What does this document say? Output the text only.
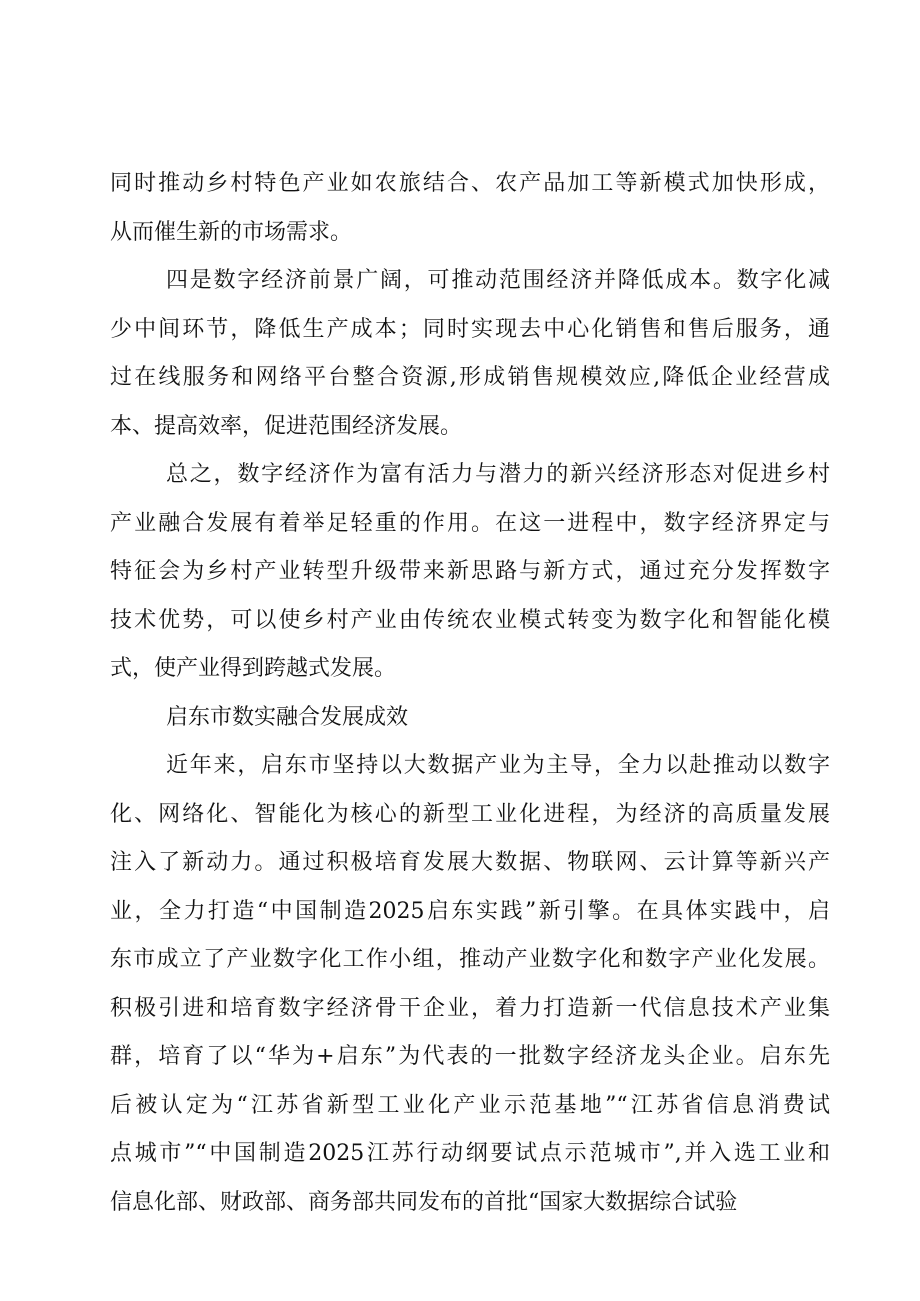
同时推动乡村特色产业如农旅结合、农产品加工等新模式加快形成，
从而催生新的市场需求。
四是数字经济前景广阔，可推动范围经济并降低成本。数字化减
少中间环节，降低生产成本；同时实现去中心化销售和售后服务，通
过在线服务和网络平台整合资源,形成销售规模效应,降低企业经营成
本、提高效率，促进范围经济发展。
总之，数字经济作为富有活力与潜力的新兴经济形态对促进乡村
产业融合发展有着举足轻重的作用。在这一进程中，数字经济界定与
特征会为乡村产业转型升级带来新思路与新方式，通过充分发挥数字
技术优势，可以使乡村产业由传统农业模式转变为数字化和智能化模
式，使产业得到跨越式发展。
启东市数实融合发展成效
近年来，启东市坚持以大数据产业为主导，全力以赴推动以数字
化、网络化、智能化为核心的新型工业化进程，为经济的高质量发展
注入了新动力。通过积极培育发展大数据、物联网、云计算等新兴产
业，全力打造“中国制造2025启东实践”新引擎。在具体实践中，启
东市成立了产业数字化工作小组，推动产业数字化和数字产业化发展。
积极引进和培育数字经济骨干企业，着力打造新一代信息技术产业集
群，培育了以“华为+启东”为代表的一批数字经济龙头企业。启东先
后被认定为“江苏省新型工业化产业示范基地”“江苏省信息消费试
点城市”“中国制造2025江苏行动纲要试点示范城市”,并入选工业和
信息化部、财政部、商务部共同发布的首批“国家大数据综合试验
